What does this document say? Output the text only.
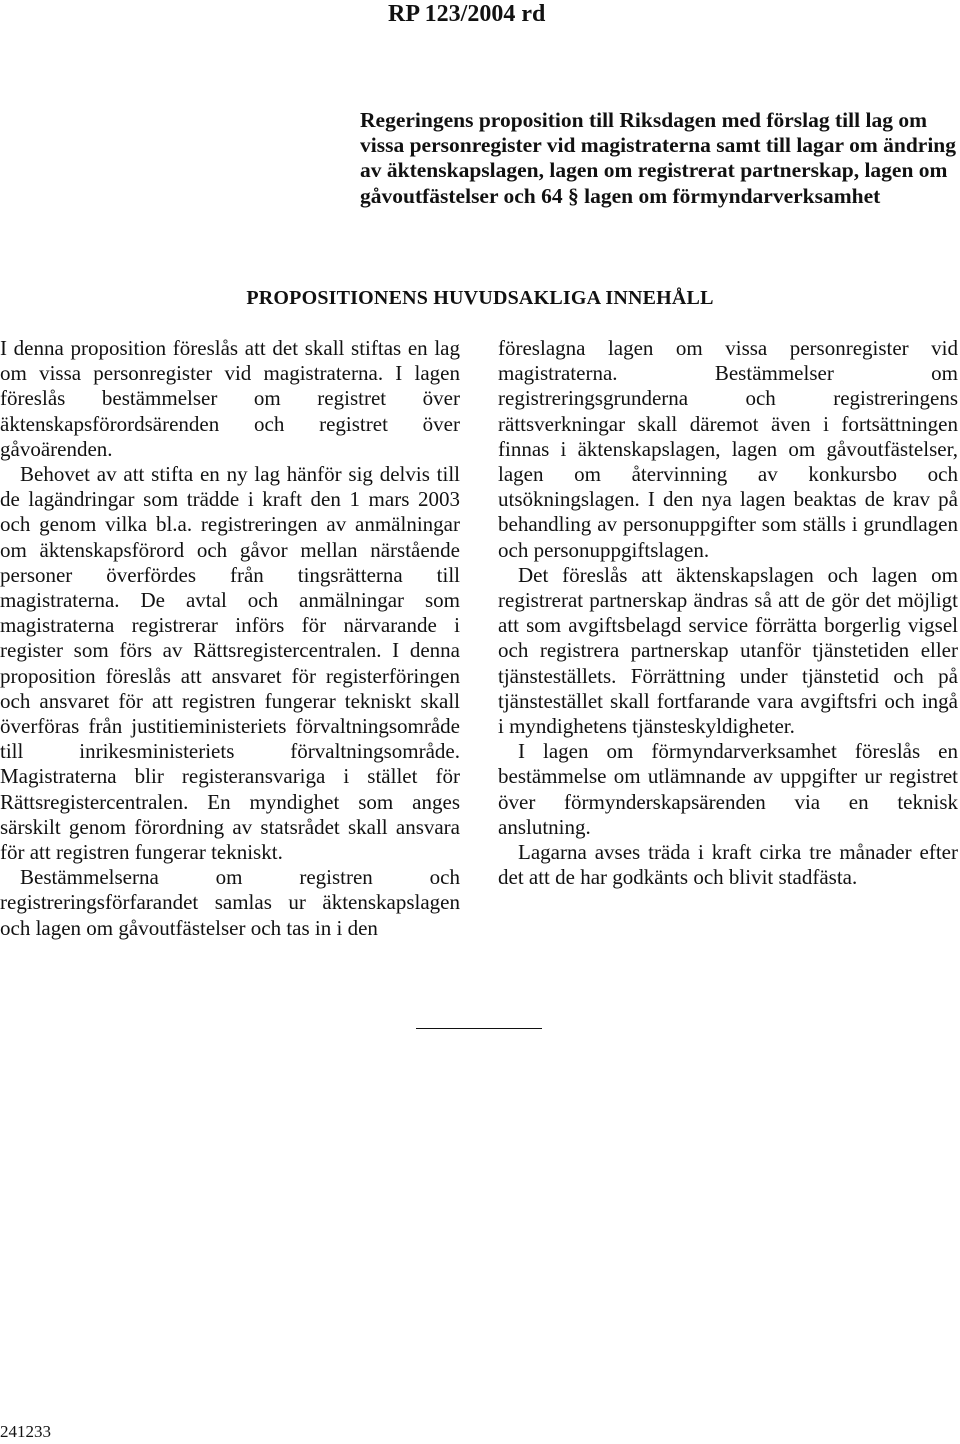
RP 123/2004 rd
Regeringens proposition till Riksdagen med förslag till lag om vissa personregister vid magistraterna samt till lagar om ändring av äktenskapslagen, lagen om registrerat partnerskap, lagen om gåvoutfästelser och 64 § lagen om förmyndarverksamhet
PROPOSITIONENS HUVUDSAKLIGA INNEHÅLL

I denna proposition föreslås att det skall stiftas en lag om vissa personregister vid magistraterna. I lagen föreslås bestämmelser om registret över äktenskapsförordsärenden och registret över gåvoärenden.

Behovet av att stifta en ny lag hänför sig delvis till de lagändringar som trädde i kraft den 1 mars 2003 och genom vilka bl.a. registreringen av anmälningar om äktenskapsförord och gåvor mellan närstående personer överfördes från tingsrätterna till magistraterna. De avtal och anmälningar som magistraterna registrerar införs för närvarande i register som förs av Rättsregistercentralen. I denna proposition föreslås att ansvaret för registerföringen och ansvaret för att registren fungerar tekniskt skall överföras från justitieministeriets förvaltningsområde till inrikesministeriets förvaltningsområde. Magistraterna blir registeransvariga i stället för Rättsregistercentralen. En myndighet som anges särskilt genom förordning av statsrådet skall ansvara för att registren fungerar tekniskt.

Bestämmelserna om registren och registreringsförfarandet samlas ur äktenskapslagen och lagen om gåvoutfästelser och tas in i den

föreslagna lagen om vissa personregister vid magistraterna. Bestämmelser om registreringsgrunderna och registreringens rättsverkningar skall däremot även i fortsättningen finnas i äktenskapslagen, lagen om gåvoutfästelser, lagen om återvinning av konkursbo och utsökningslagen. I den nya lagen beaktas de krav på behandling av personuppgifter som ställs i grundlagen och personuppgiftslagen.

Det föreslås att äktenskapslagen och lagen om registrerat partnerskap ändras så att de gör det möjligt att som avgiftsbelagd service förrätta borgerlig vigsel och registrera partnerskap utanför tjänstetiden eller tjänsteställets. Förrättning under tjänstetid och på tjänstestället skall fortfarande vara avgiftsfri och ingå i myndighetens tjänsteskyldigheter.

I lagen om förmyndarverksamhet föreslås en bestämmelse om utlämnande av uppgifter ur registret över förmynderskapsärenden via en teknisk anslutning.

Lagarna avses träda i kraft cirka tre månader efter det att de har godkänts och blivit stadfästa.

241233
